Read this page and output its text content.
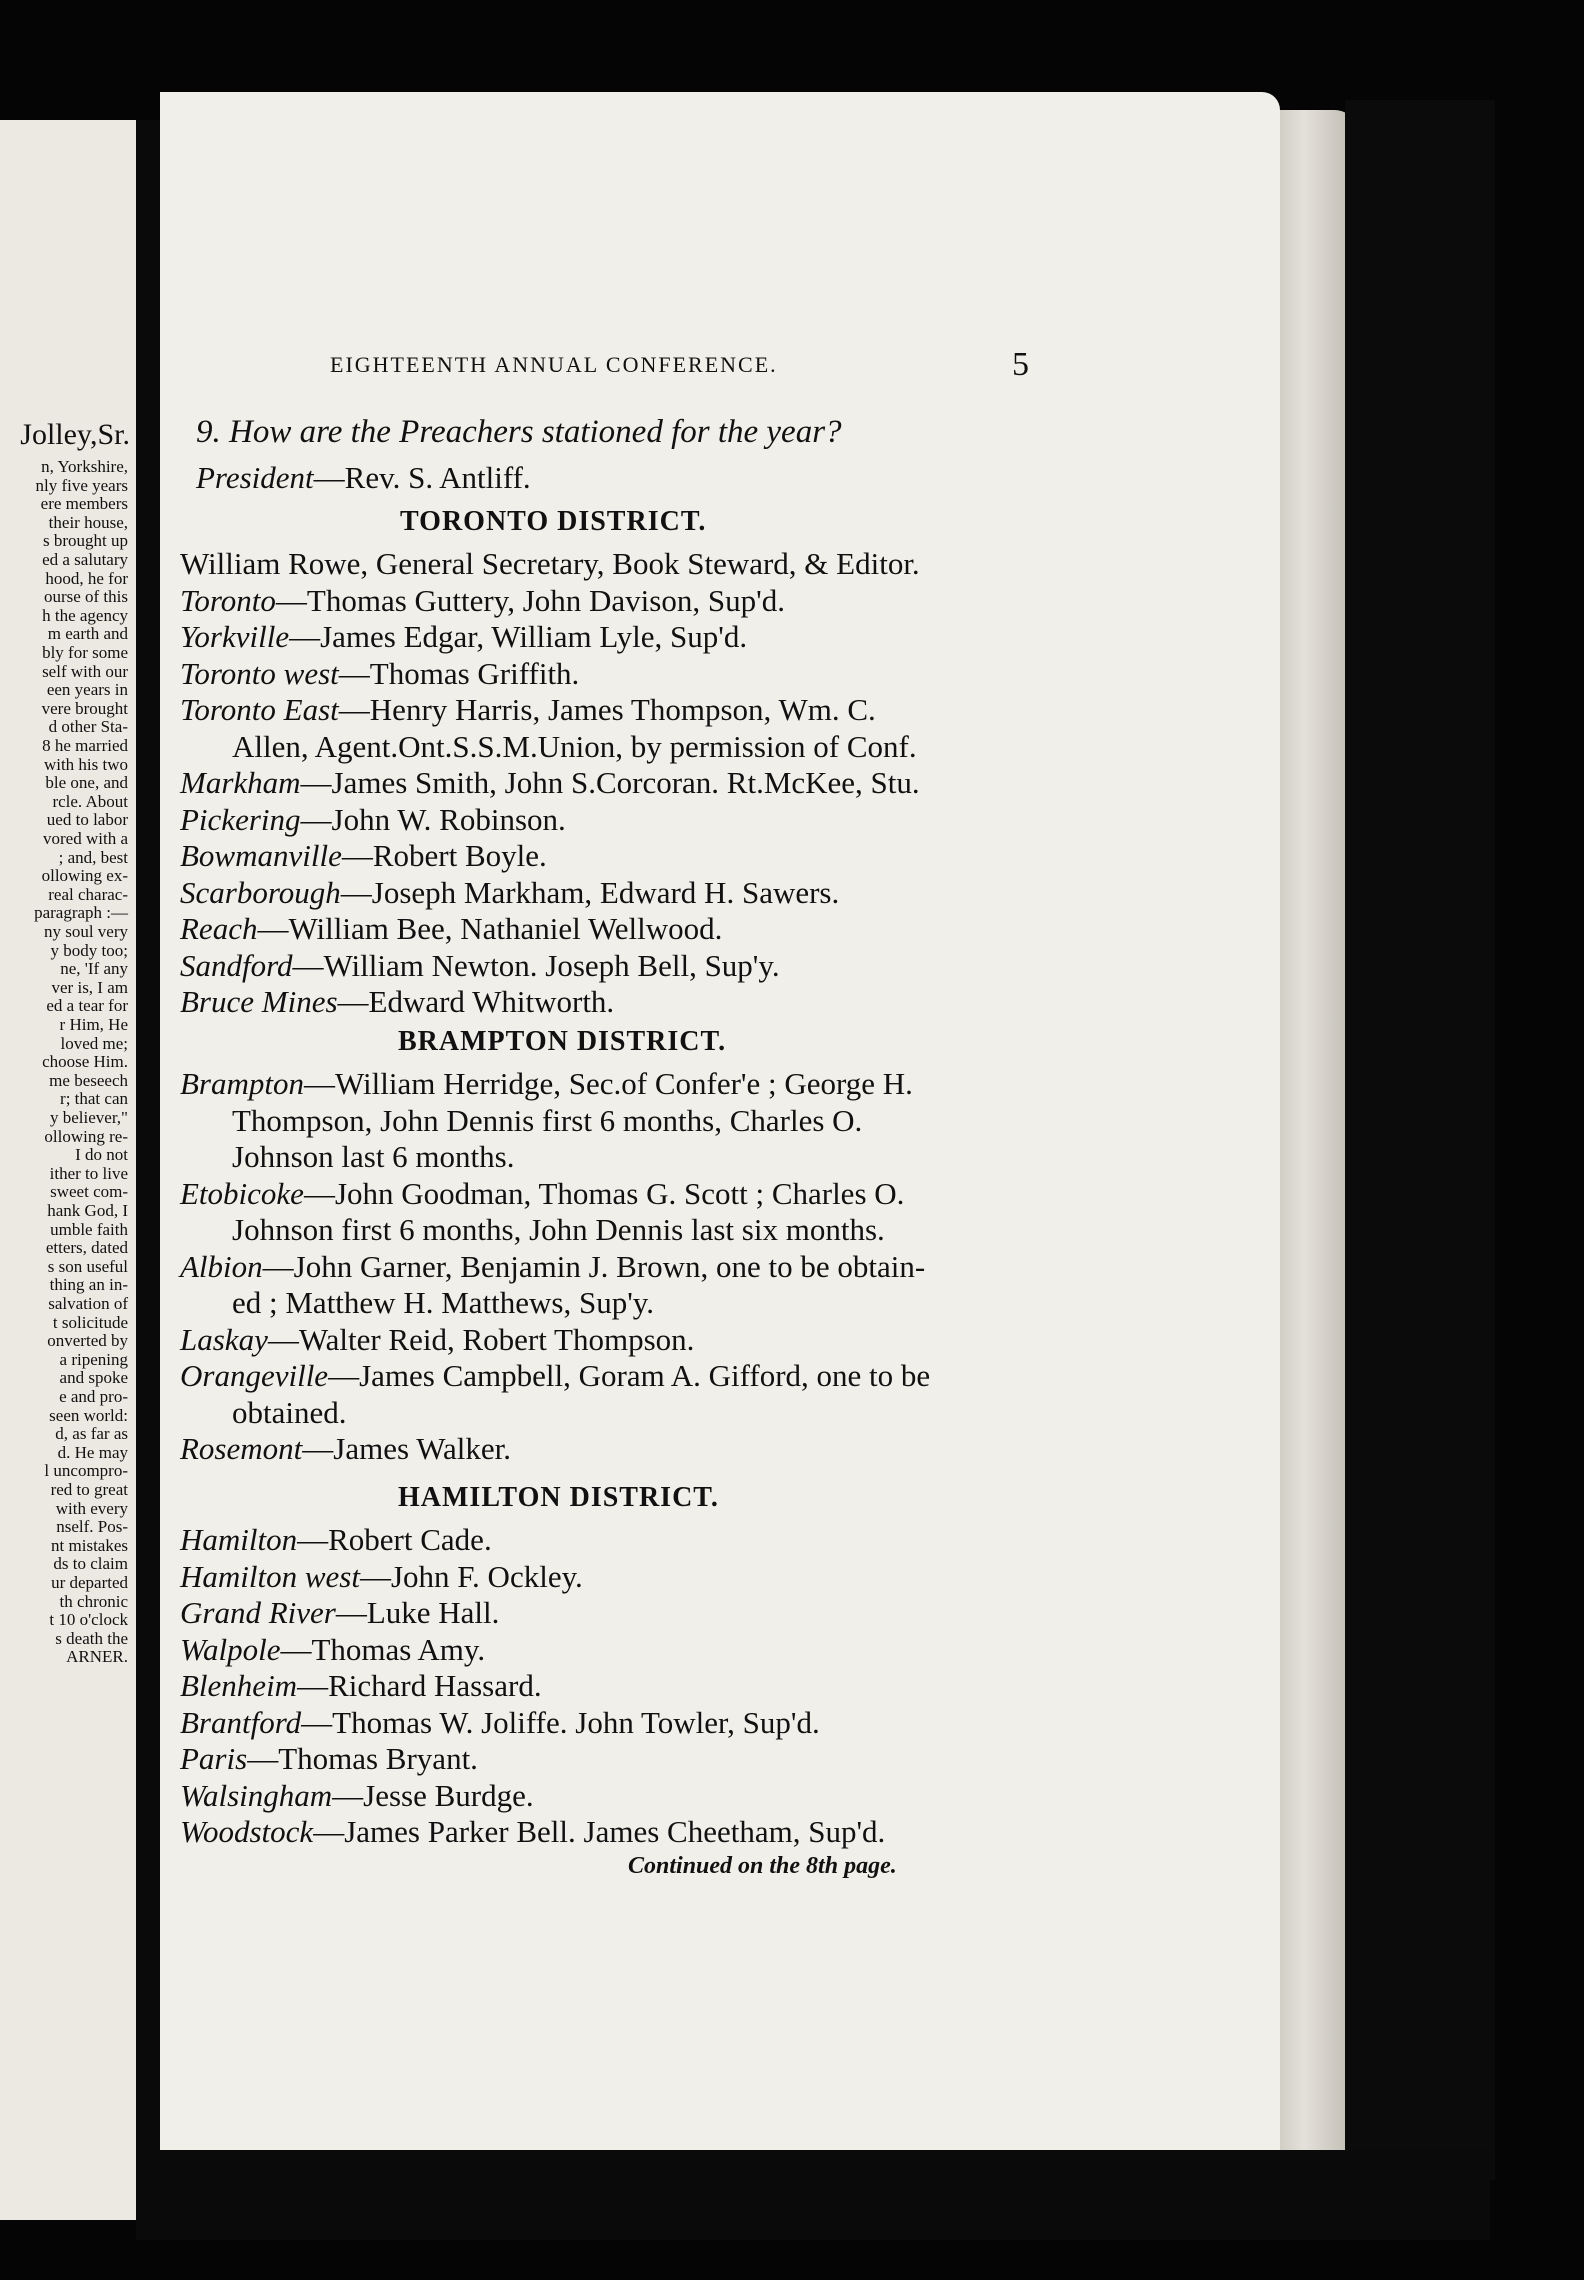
Jolley,Sr.
n, Yorkshire,
nly five years
ere members
their house,
s brought up
ed a salutary
hood, he for
ourse of this
h the agency
m earth and
bly for some
self with our
een years in
vere brought
d other Sta-
8 he married
with his two
ble one, and
rcle. About
ued to labor
vored with a
; and, best
ollowing ex-
real charac-
paragraph :—
ny soul very
y body too;
ne, 'If any
ver is, I am
ed a tear for
r Him, He
loved me;
choose Him.
me beseech
r; that can
y believer,"
ollowing re-
I do not
ither to live
sweet com-
hank God, I
umble faith
etters, dated
s son useful
thing an in-
salvation of
t solicitude
onverted by
a ripening
and spoke
e and pro-
seen world:
d, as far as
d. He may
l uncompro-
red to great
with every
nself. Pos-
nt mistakes
ds to claim
ur departed
th chronic
t 10 o'clock
s death the
ARNER.
EIGHTEENTH ANNUAL CONFERENCE.	5
9. How are the Preachers stationed for the year?
President—Rev. S. Antliff.
TORONTO DISTRICT.
William Rowe, General Secretary, Book Steward, & Editor.
Toronto—Thomas Guttery, John Davison, Sup'd.
Yorkville—James Edgar, William Lyle, Sup'd.
Toronto west—Thomas Griffith.
Toronto East—Henry Harris, James Thompson, Wm. C.
Allen, Agent.Ont.S.S.M.Union, by permission of Conf.
Markham—James Smith, John S.Corcoran. Rt.McKee, Stu.
Pickering—John W. Robinson.
Bowmanville—Robert Boyle.
Scarborough—Joseph Markham, Edward H. Sawers.
Reach—William Bee, Nathaniel Wellwood.
Sandford—William Newton. Joseph Bell, Sup'y.
Bruce Mines—Edward Whitworth.
BRAMPTON DISTRICT.
Brampton—William Herridge, Sec.of Confer'e ; George H.
Thompson, John Dennis first 6 months, Charles O.
Johnson last 6 months.
Etobicoke—John Goodman, Thomas G. Scott ; Charles O.
Johnson first 6 months, John Dennis last six months.
Albion—John Garner, Benjamin J. Brown, one to be obtain-
ed ; Matthew H. Matthews, Sup'y.
Laskay—Walter Reid, Robert Thompson.
Orangeville—James Campbell, Goram A. Gifford, one to be
obtained.
Rosemont—James Walker.
HAMILTON DISTRICT.
Hamilton—Robert Cade.
Hamilton west—John F. Ockley.
Grand River—Luke Hall.
Walpole—Thomas Amy.
Blenheim—Richard Hassard.
Brantford—Thomas W. Joliffe. John Towler, Sup'd.
Paris—Thomas Bryant.
Walsingham—Jesse Burdge.
Woodstock—James Parker Bell. James Cheetham, Sup'd.
Continued on the 8th page.
